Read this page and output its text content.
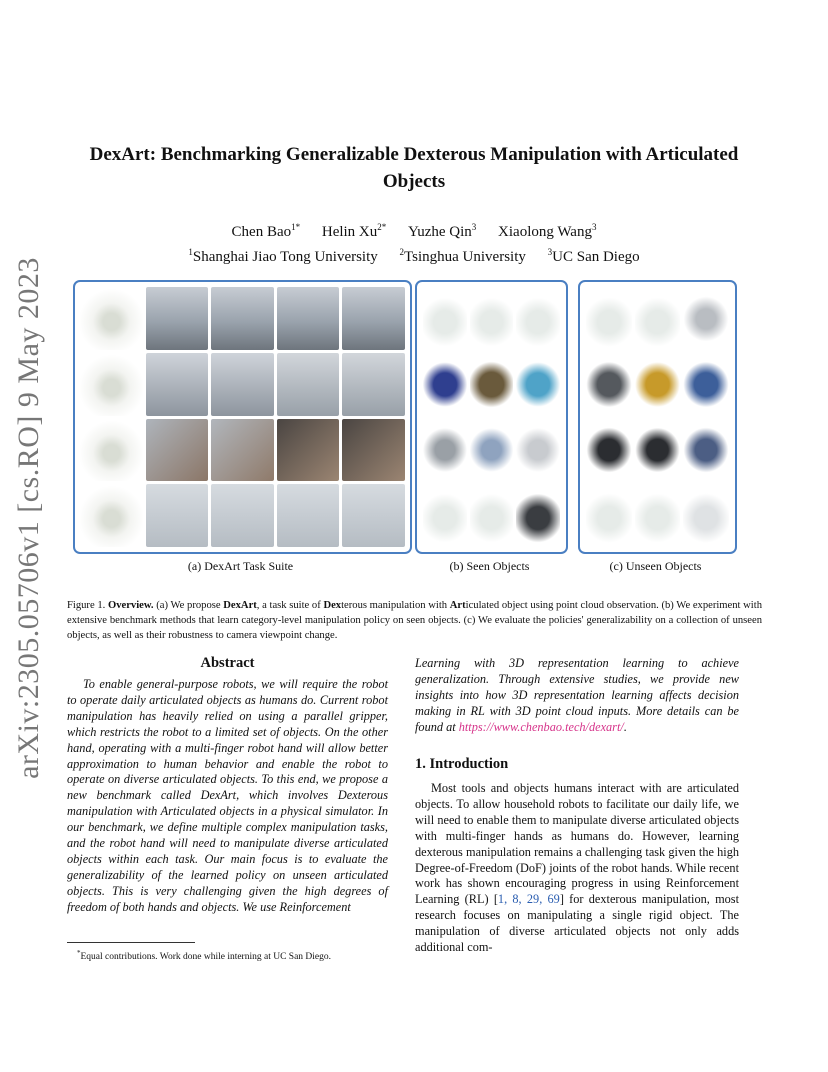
arXiv:2305.05706v1 [cs.RO] 9 May 2023
DexArt: Benchmarking Generalizable Dexterous Manipulation with Articulated Objects
Chen Bao$^{1*}$ Helin $Xu^{2*}$ Yuzhe Qin$^3$ Xiaolong Wang$^3$
$^1$Shanghai Jiao Tong University $^2$Tsinghua University $^3$UC San Diego
(a) DexArt Task Suite	(b) Seen Objects	(c) Unseen Objects
Figure 1. Overview. (a) We propose DexArt, a task suite of Dexterous manipulation with Articulated object using point cloud observation. (b) We experiment with extensive benchmark methods that learn category-level manipulation policy on seen objects. (c) We evaluate the policies' generalizability on a collection of unseen objects, as well as their robustness to camera viewpoint change.
Abstract
To enable general-purpose robots, we will require the robot to operate daily articulated objects as humans do. Current robot manipulation has heavily relied on using a parallel gripper, which restricts the robot to a limited set of objects. On the other hand, operating with a multi-finger robot hand will allow better approximation to human behavior and enable the robot to operate on diverse articulated objects. To this end, we propose a new benchmark called DexArt, which involves Dexterous manipulation with Articulated objects in a physical simulator. In our benchmark, we define multiple complex manipulation tasks, and the robot hand will need to manipulate diverse articulated objects within each task. Our main focus is to evaluate the generalizability of the learned policy on unseen articulated objects. This is very challenging given the high degrees of freedom of both hands and objects. We use Reinforcement
*Equal contributions. Work done while interning at UC San Diego.
Learning with 3D representation learning to achieve generalization. Through extensive studies, we provide new insights into how 3D representation learning affects decision making in RL with 3D point cloud inputs. More details can be found at https://www.chenbao.tech/dexart/.
1. Introduction
Most tools and objects humans interact with are articulated objects. To allow household robots to facilitate our daily life, we will need to enable them to manipulate diverse articulated objects with multi-finger hands as humans do. However, learning dexterous manipulation remains a challenging task given the high Degree-of-Freedom (DoF) joints of the robot hands. While recent work has shown encouraging progress in using Reinforcement Learning (RL) [1, 8, 29, 69] for dexterous manipulation, most research focuses on manipulating a single rigid object. The manipulation of diverse articulated objects not only adds additional com-
